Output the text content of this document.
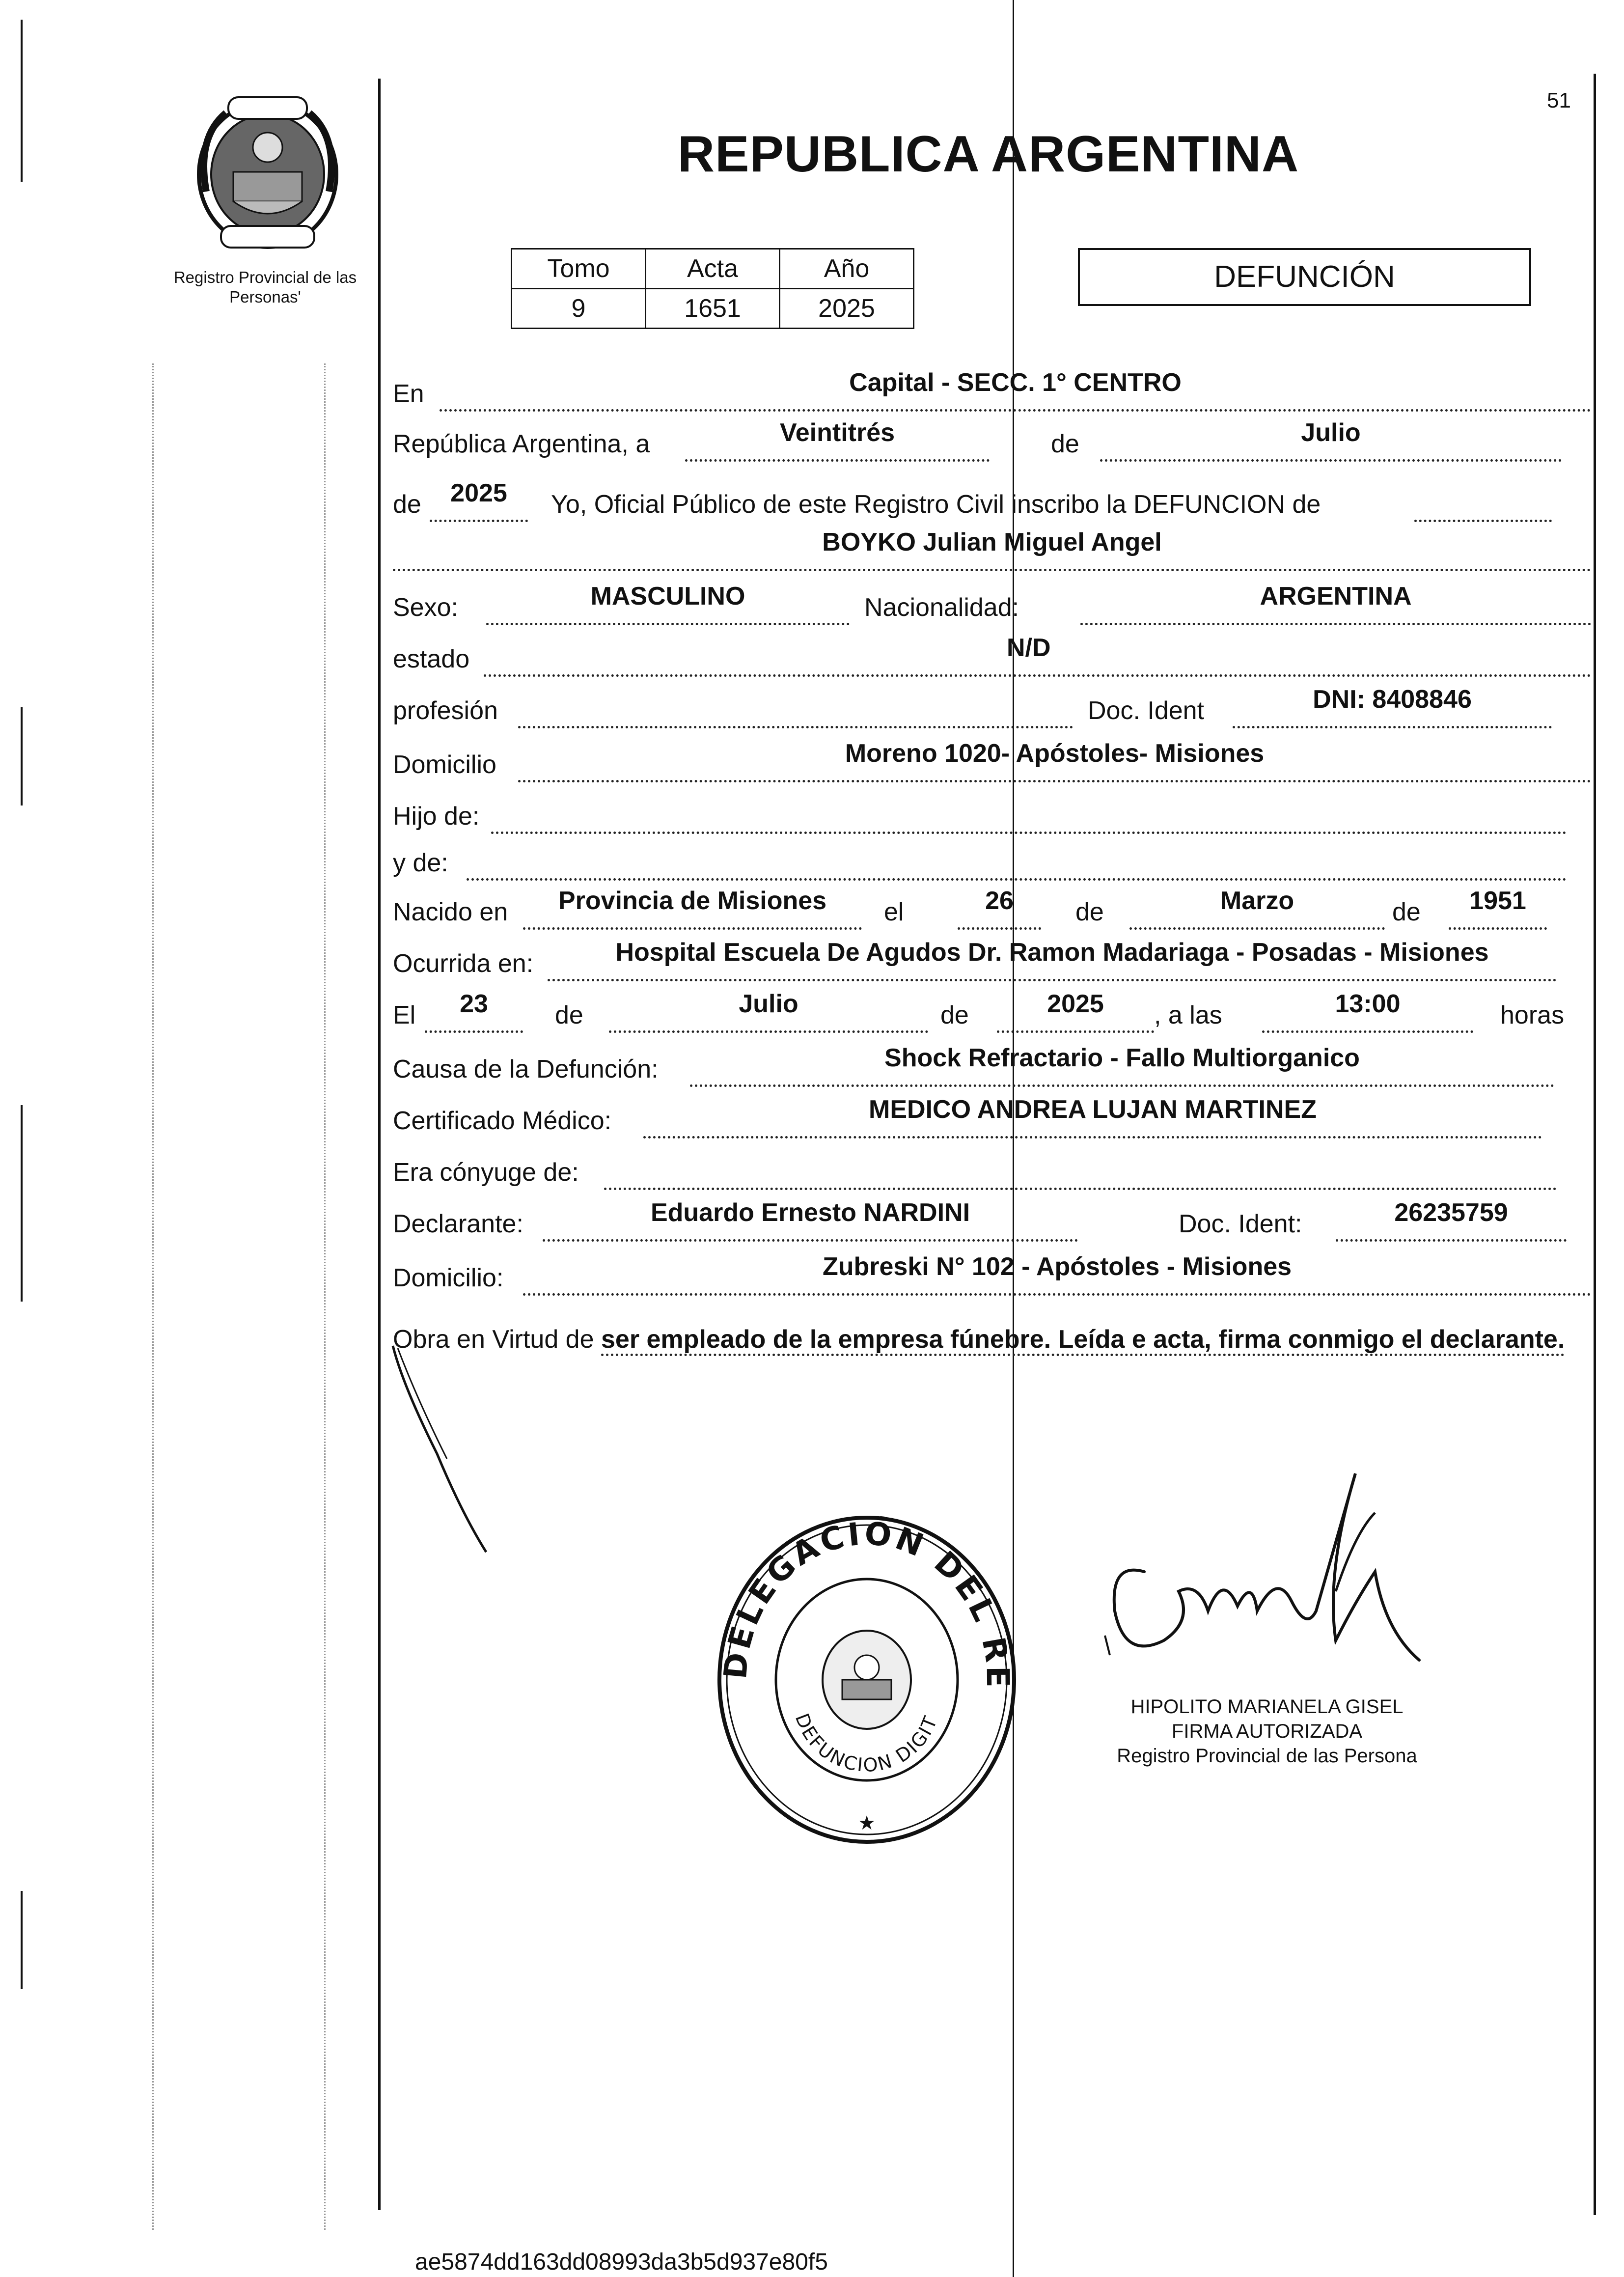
Registro Provincial de las Personas'
51
REPUBLICA ARGENTINA
Tomo	Acta	Año
9	1651	2025
DEFUNCIÓN
En	Capital - SECC. 1° CENTRO
República Argentina, a	Veintitrés	de	Julio
de	2025	Yo, Oficial Público de este Registro Civil inscribo la DEFUNCION de
BOYKO Julian Miguel Angel
Sexo:	MASCULINO	Nacionalidad:	ARGENTINA
estado	N/D
profesión	Doc. Ident	DNI: 8408846
Domicilio	Moreno 1020- Apóstoles- Misiones
Hijo de:
y de:
Nacido en	Provincia de Misiones	el	26	de	Marzo	de	1951
Ocurrida en:	Hospital Escuela De Agudos Dr. Ramon Madariaga - Posadas - Misiones
El	23	de	Julio	de	2025	, a las	13:00	horas
Causa de la Defunción:	Shock Refractario - Fallo Multiorganico
Certificado Médico:	MEDICO ANDREA LUJAN MARTINEZ
Era cónyuge de:
Declarante:	Eduardo Ernesto NARDINI	Doc. Ident:	26235759
Domicilio:	Zubreski N° 102 - Apóstoles - Misiones
Obra en Virtud de ser empleado de la empresa fúnebre. Leída e acta, firma conmigo el declarante.
DELEGACIÓN DEL RE
DEFUNCION DIGIT
★
HIPOLITO MARIANELA GISEL
FIRMA AUTORIZADA
Registro Provincial de las Persona
ae5874dd163dd08993da3b5d937e80f5
